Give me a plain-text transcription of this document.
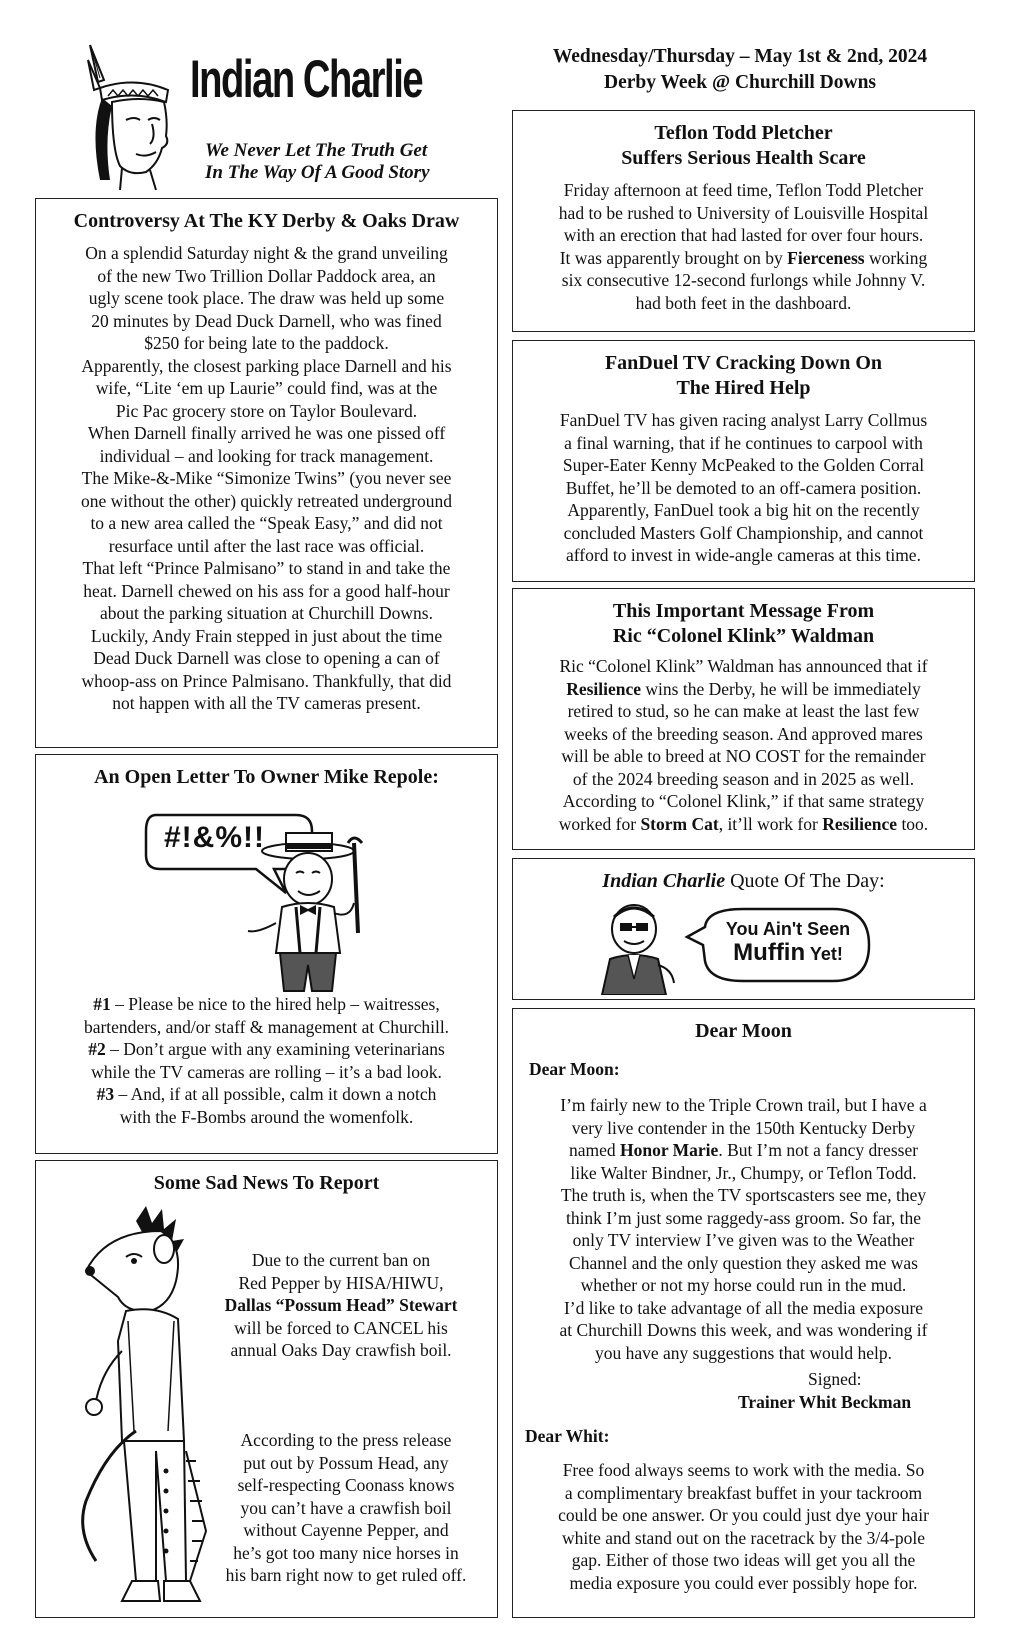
Indian Charlie
We Never Let The Truth Get
In The Way Of A Good Story
Wednesday/Thursday – May 1st & 2nd, 2024
Derby Week @ Churchill Downs
Controversy At The KY Derby & Oaks Draw

On a splendid Saturday night & the grand unveiling

of the new Two Trillion Dollar Paddock area, an

ugly scene took place. The draw was held up some

20 minutes by Dead Duck Darnell, who was fined

$250 for being late to the paddock.

Apparently, the closest parking place Darnell and his

wife, “Lite ‘em up Laurie” could find, was at the

Pic Pac grocery store on Taylor Boulevard.

When Darnell finally arrived he was one pissed off

individual – and looking for track management.

The Mike-&-Mike “Simonize Twins” (you never see

one without the other) quickly retreated underground

to a new area called the “Speak Easy,” and did not

resurface until after the last race was official.

That left “Prince Palmisano” to stand in and take the

heat. Darnell chewed on his ass for a good half-hour

about the parking situation at Churchill Downs.

Luckily, Andy Frain stepped in just about the time

Dead Duck Darnell was close to opening a can of

whoop-ass on Prince Palmisano. Thankfully, that did

not happen with all the TV cameras present.

An Open Letter To Owner Mike Repole:
#!&%!!

#1 – Please be nice to the hired help – waitresses,

bartenders, and/or staff & management at Churchill.

#2 – Don’t argue with any examining veterinarians

while the TV cameras are rolling – it’s a bad look.

#3 – And, if at all possible, calm it down a notch

with the F-Bombs around the womenfolk.

Some Sad News To Report

Due to the current ban on

Red Pepper by HISA/HIWU,

Dallas “Possum Head” Stewart

will be forced to CANCEL his

annual Oaks Day crawfish boil.

According to the press release

put out by Possum Head, any

self-respecting Coonass knows

you can’t have a crawfish boil

without Cayenne Pepper, and

he’s got too many nice horses in

his barn right now to get ruled off.

Teflon Todd Pletcher
Suffers Serious Health Scare

Friday afternoon at feed time, Teflon Todd Pletcher

had to be rushed to University of Louisville Hospital

with an erection that had lasted for over four hours.

It was apparently brought on by Fierceness working

six consecutive 12-second furlongs while Johnny V.

had both feet in the dashboard.

FanDuel TV Cracking Down On
The Hired Help

FanDuel TV has given racing analyst Larry Collmus

a final warning, that if he continues to carpool with

Super-Eater Kenny McPeaked to the Golden Corral

Buffet, he’ll be demoted to an off-camera position.

Apparently, FanDuel took a big hit on the recently

concluded Masters Golf Championship, and cannot

afford to invest in wide-angle cameras at this time.

This Important Message From
Ric “Colonel Klink” Waldman

Ric “Colonel Klink” Waldman has announced that if

Resilience wins the Derby, he will be immediately

retired to stud, so he can make at least the last few

weeks of the breeding season. And approved mares

will be able to breed at NO COST for the remainder

of the 2024 breeding season and in 2025 as well.

According to “Colonel Klink,” if that same strategy

worked for Storm Cat, it’ll work for Resilience too.

Indian Charlie Quote Of The Day:
You Ain't Seen
Muffin Yet!
Dear Moon
Dear Moon:

I’m fairly new to the Triple Crown trail, but I have a

very live contender in the 150th Kentucky Derby

named Honor Marie. But I’m not a fancy dresser

like Walter Bindner, Jr., Chumpy, or Teflon Todd.

The truth is, when the TV sportscasters see me, they

think I’m just some raggedy-ass groom. So far, the

only TV interview I’ve given was to the Weather

Channel and the only question they asked me was

whether or not my horse could run in the mud.

I’d like to take advantage of all the media exposure

at Churchill Downs this week, and was wondering if

you have any suggestions that would help.

Signed:
Trainer Whit Beckman
Dear Whit:

Free food always seems to work with the media. So

a complimentary breakfast buffet in your tackroom

could be one answer. Or you could just dye your hair

white and stand out on the racetrack by the 3/4-pole

gap. Either of those two ideas will get you all the

media exposure you could ever possibly hope for.
